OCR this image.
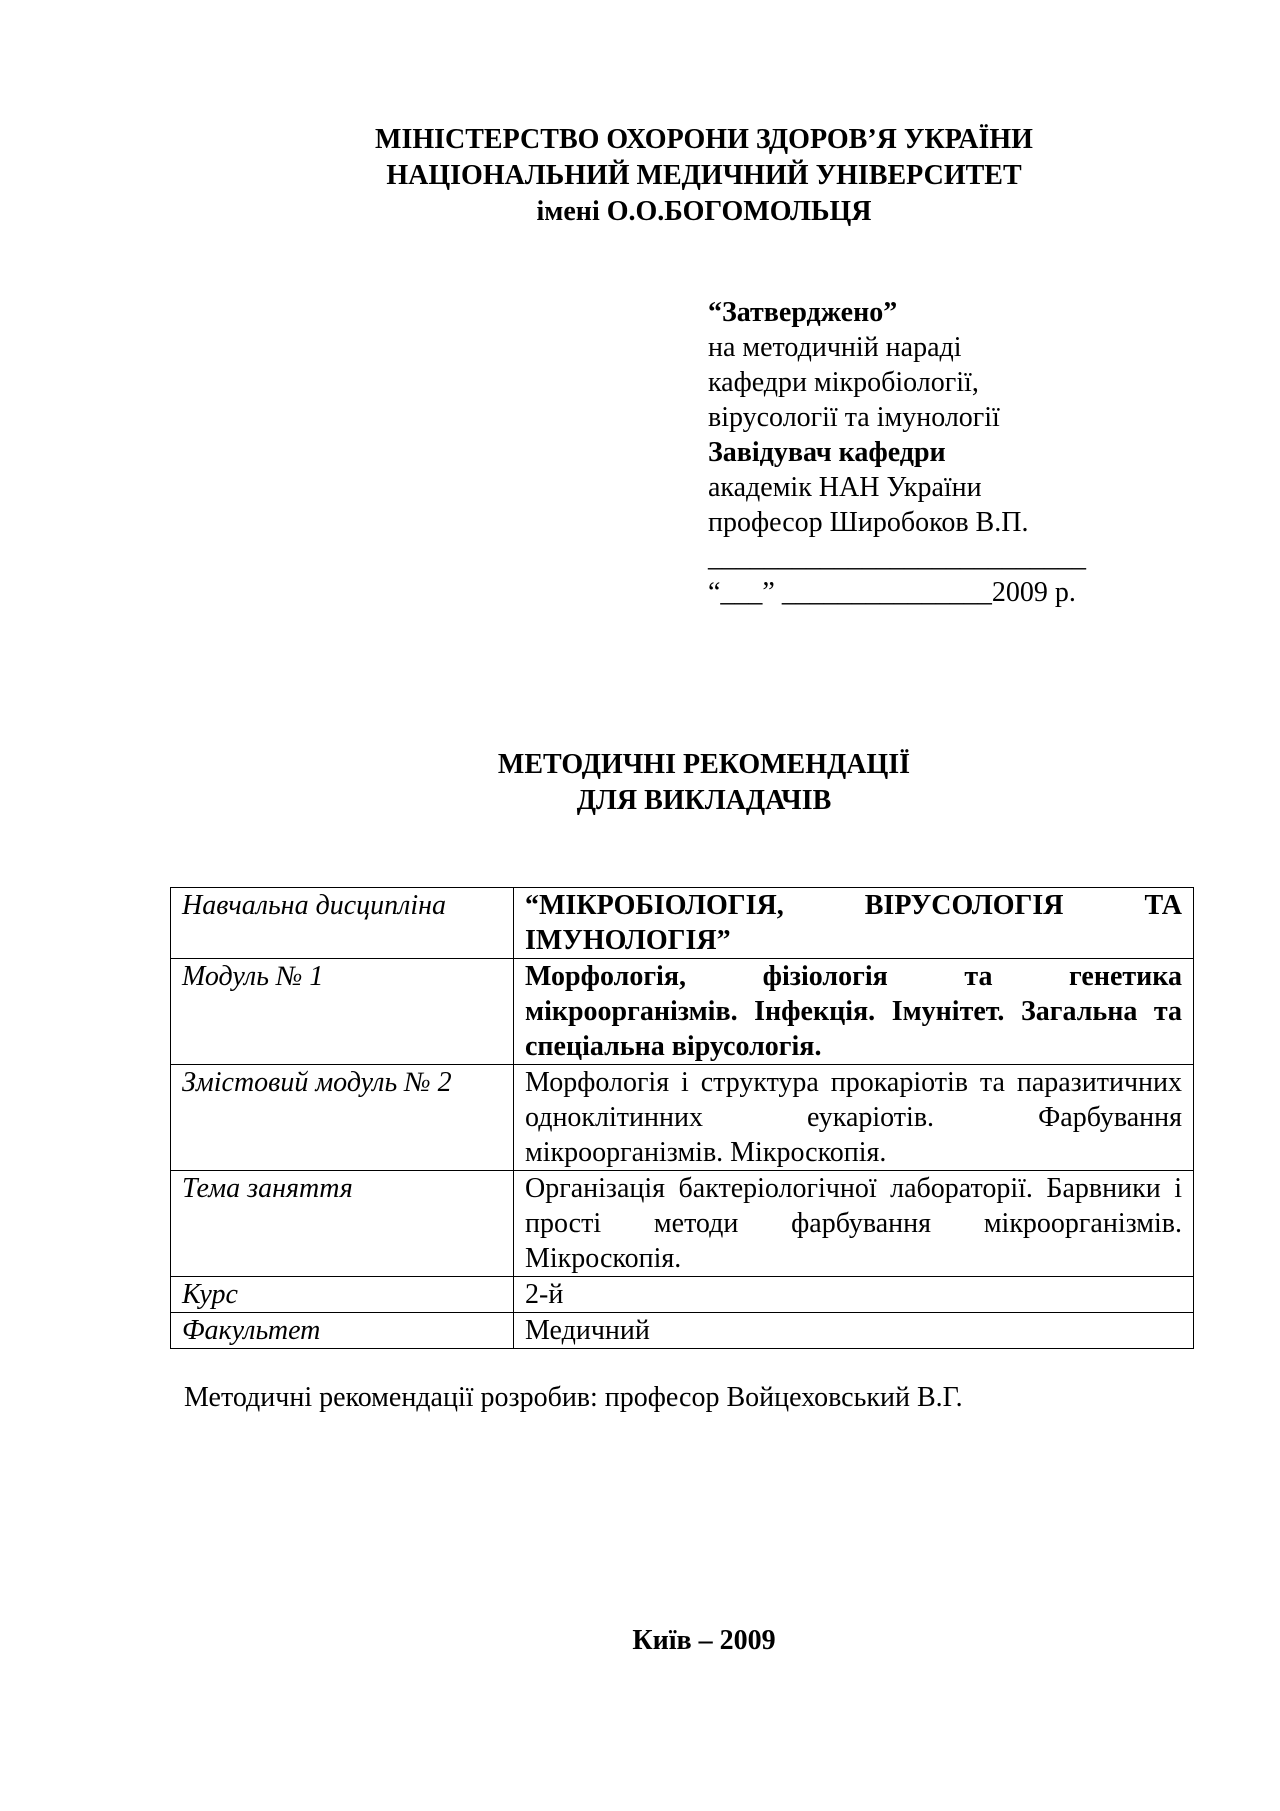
МІНІСТЕРСТВО ОХОРОНИ ЗДОРОВ’Я УКРАЇНИ
НАЦІОНАЛЬНИЙ МЕДИЧНИЙ УНІВЕРСИТЕТ
імені О.О.БОГОМОЛЬЦЯ
“Затверджено”
на методичній нараді
кафедри мікробіології,
вірусології та імунології
Завідувач кафедри
академік НАН України
професор Широбоков В.П.
___________________________
“___” _______________2009 р.
МЕТОДИЧНІ РЕКОМЕНДАЦІЇ
ДЛЯ ВИКЛАДАЧІВ
Навчальна дисципліна	“МІКРОБІОЛОГІЯ, ВІРУСОЛОГІЯ ТА ІМУНОЛОГІЯ”
Модуль № 1	Морфологія, фізіологія та генетика мікроорганізмів. Інфекція. Імунітет. Загальна та спеціальна вірусологія.
Змістовий модуль № 2	Морфологія і структура прокаріотів та паразитичних одноклітинних еукаріотів. Фарбування мікроорганізмів. Мікроскопія.
Тема заняття	Організація бактеріологічної лабораторії. Барвники і прості методи фарбування мікроорганізмів. Мікроскопія.
Курс	2-й
Факультет	Медичний
Методичні рекомендації розробив: професор Войцеховський В.Г.
Київ – 2009
